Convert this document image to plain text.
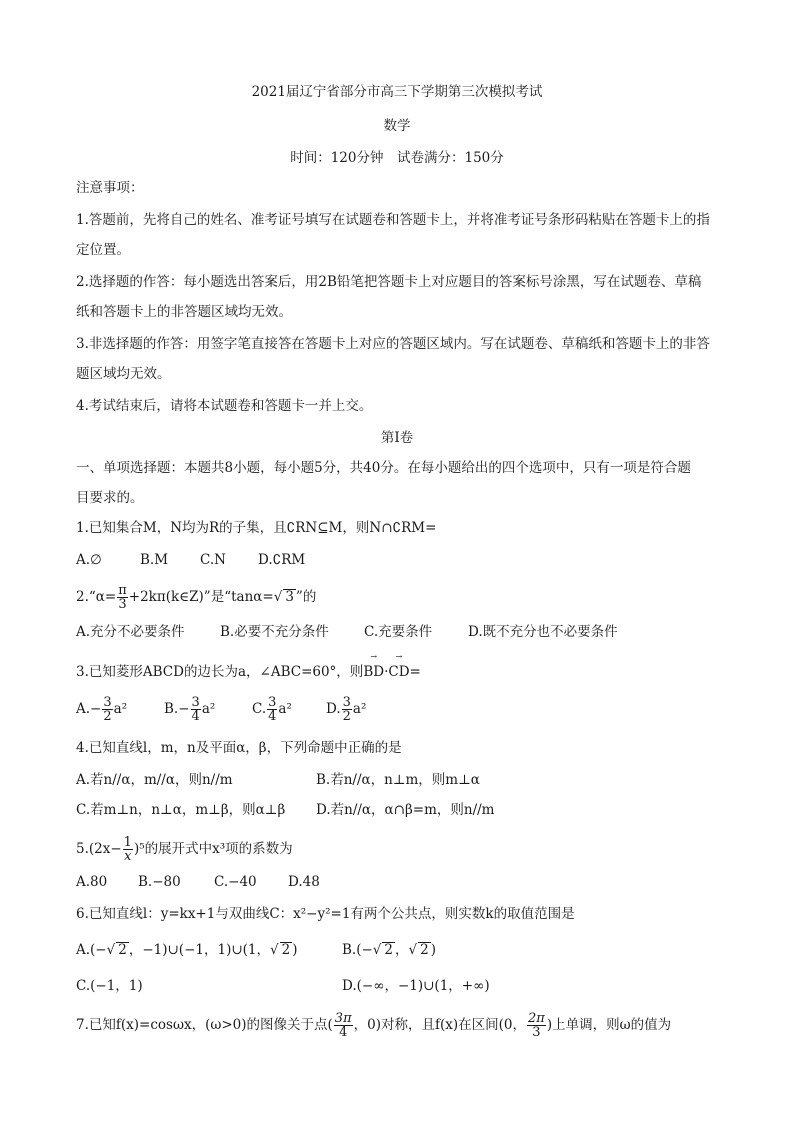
2021届辽宁省部分市高三下学期第三次模拟考试
数学
时间：120分钟　试卷满分：150分
注意事项：
1.答题前，先将自己的姓名、准考证号填写在试题卷和答题卡上，并将准考证号条形码粘贴在答题卡上的指
定位置。
2.选择题的作答：每小题选出答案后，用2B铅笔把答题卡上对应题目的答案标号涂黑，写在试题卷、草稿
纸和答题卡上的非答题区域均无效。
3.非选择题的作答：用签字笔直接答在答题卡上对应的答题区域内。写在试题卷、草稿纸和答题卡上的非答
题区域均无效。
4.考试结束后，请将本试题卷和答题卡一并上交。
第I卷
一、单项选择题：本题共8小题，每小题5分，共40分。在每小题给出的四个选项中，只有一项是符合题
目要求的。
1.已知集合M，N均为R的子集，且∁RN⊆M，则N∩∁RM=
A.∅	B.M C.N D.∁RM
2.“α= $\frac{\pi}{3}$ +2kπ(k∈Z)”是“tanα=√ 3 ”的
A.充分不必要条件	B.必要不充分条件	C.充要条件	D.既不充分也不必要条件
3.已知菱形ABCD的边长为a，∠ABC=60°，则→ BD·→ CD=
$A.- \frac{3}{2} a^2$	$B.- \frac{3}{4} a^2$	C. $\frac{3}{4} a^2$	D. $\frac{3}{2} a^2$
4.已知直线l，m，n及平面α，β，下列命题中正确的是
A.若n//α，m//α，则n//m	B.若n//α，n⊥m，则m⊥α
C.若m⊥n，n⊥α，m⊥β，则α⊥β D.若n//α，α∩β=m，则n//m
$5.(2x- \frac{1}{x} )^5$的展开式中x³项的系数为
A.80 B.−80 C.−40 D.48
6.已知直线l：y=kx+1与双曲线C：x²−y²=1有两个公共点，则实数k的取值范围是
A.(−√ 2 ，−1)∪(−1，1)∪(1，√ 2 )	B.(−√ 2 ，√ 2 )
C.(−1，1)	D.(−∞，−1)∪(1，+∞)
7.已知f(x)=cosωx，(ω>0)的图像关于点( $\frac{3\pi}{4}$ ，0)对称，且f(x)在区间(0， $\frac{2\pi}{3}$ )上单调，则ω的值为
